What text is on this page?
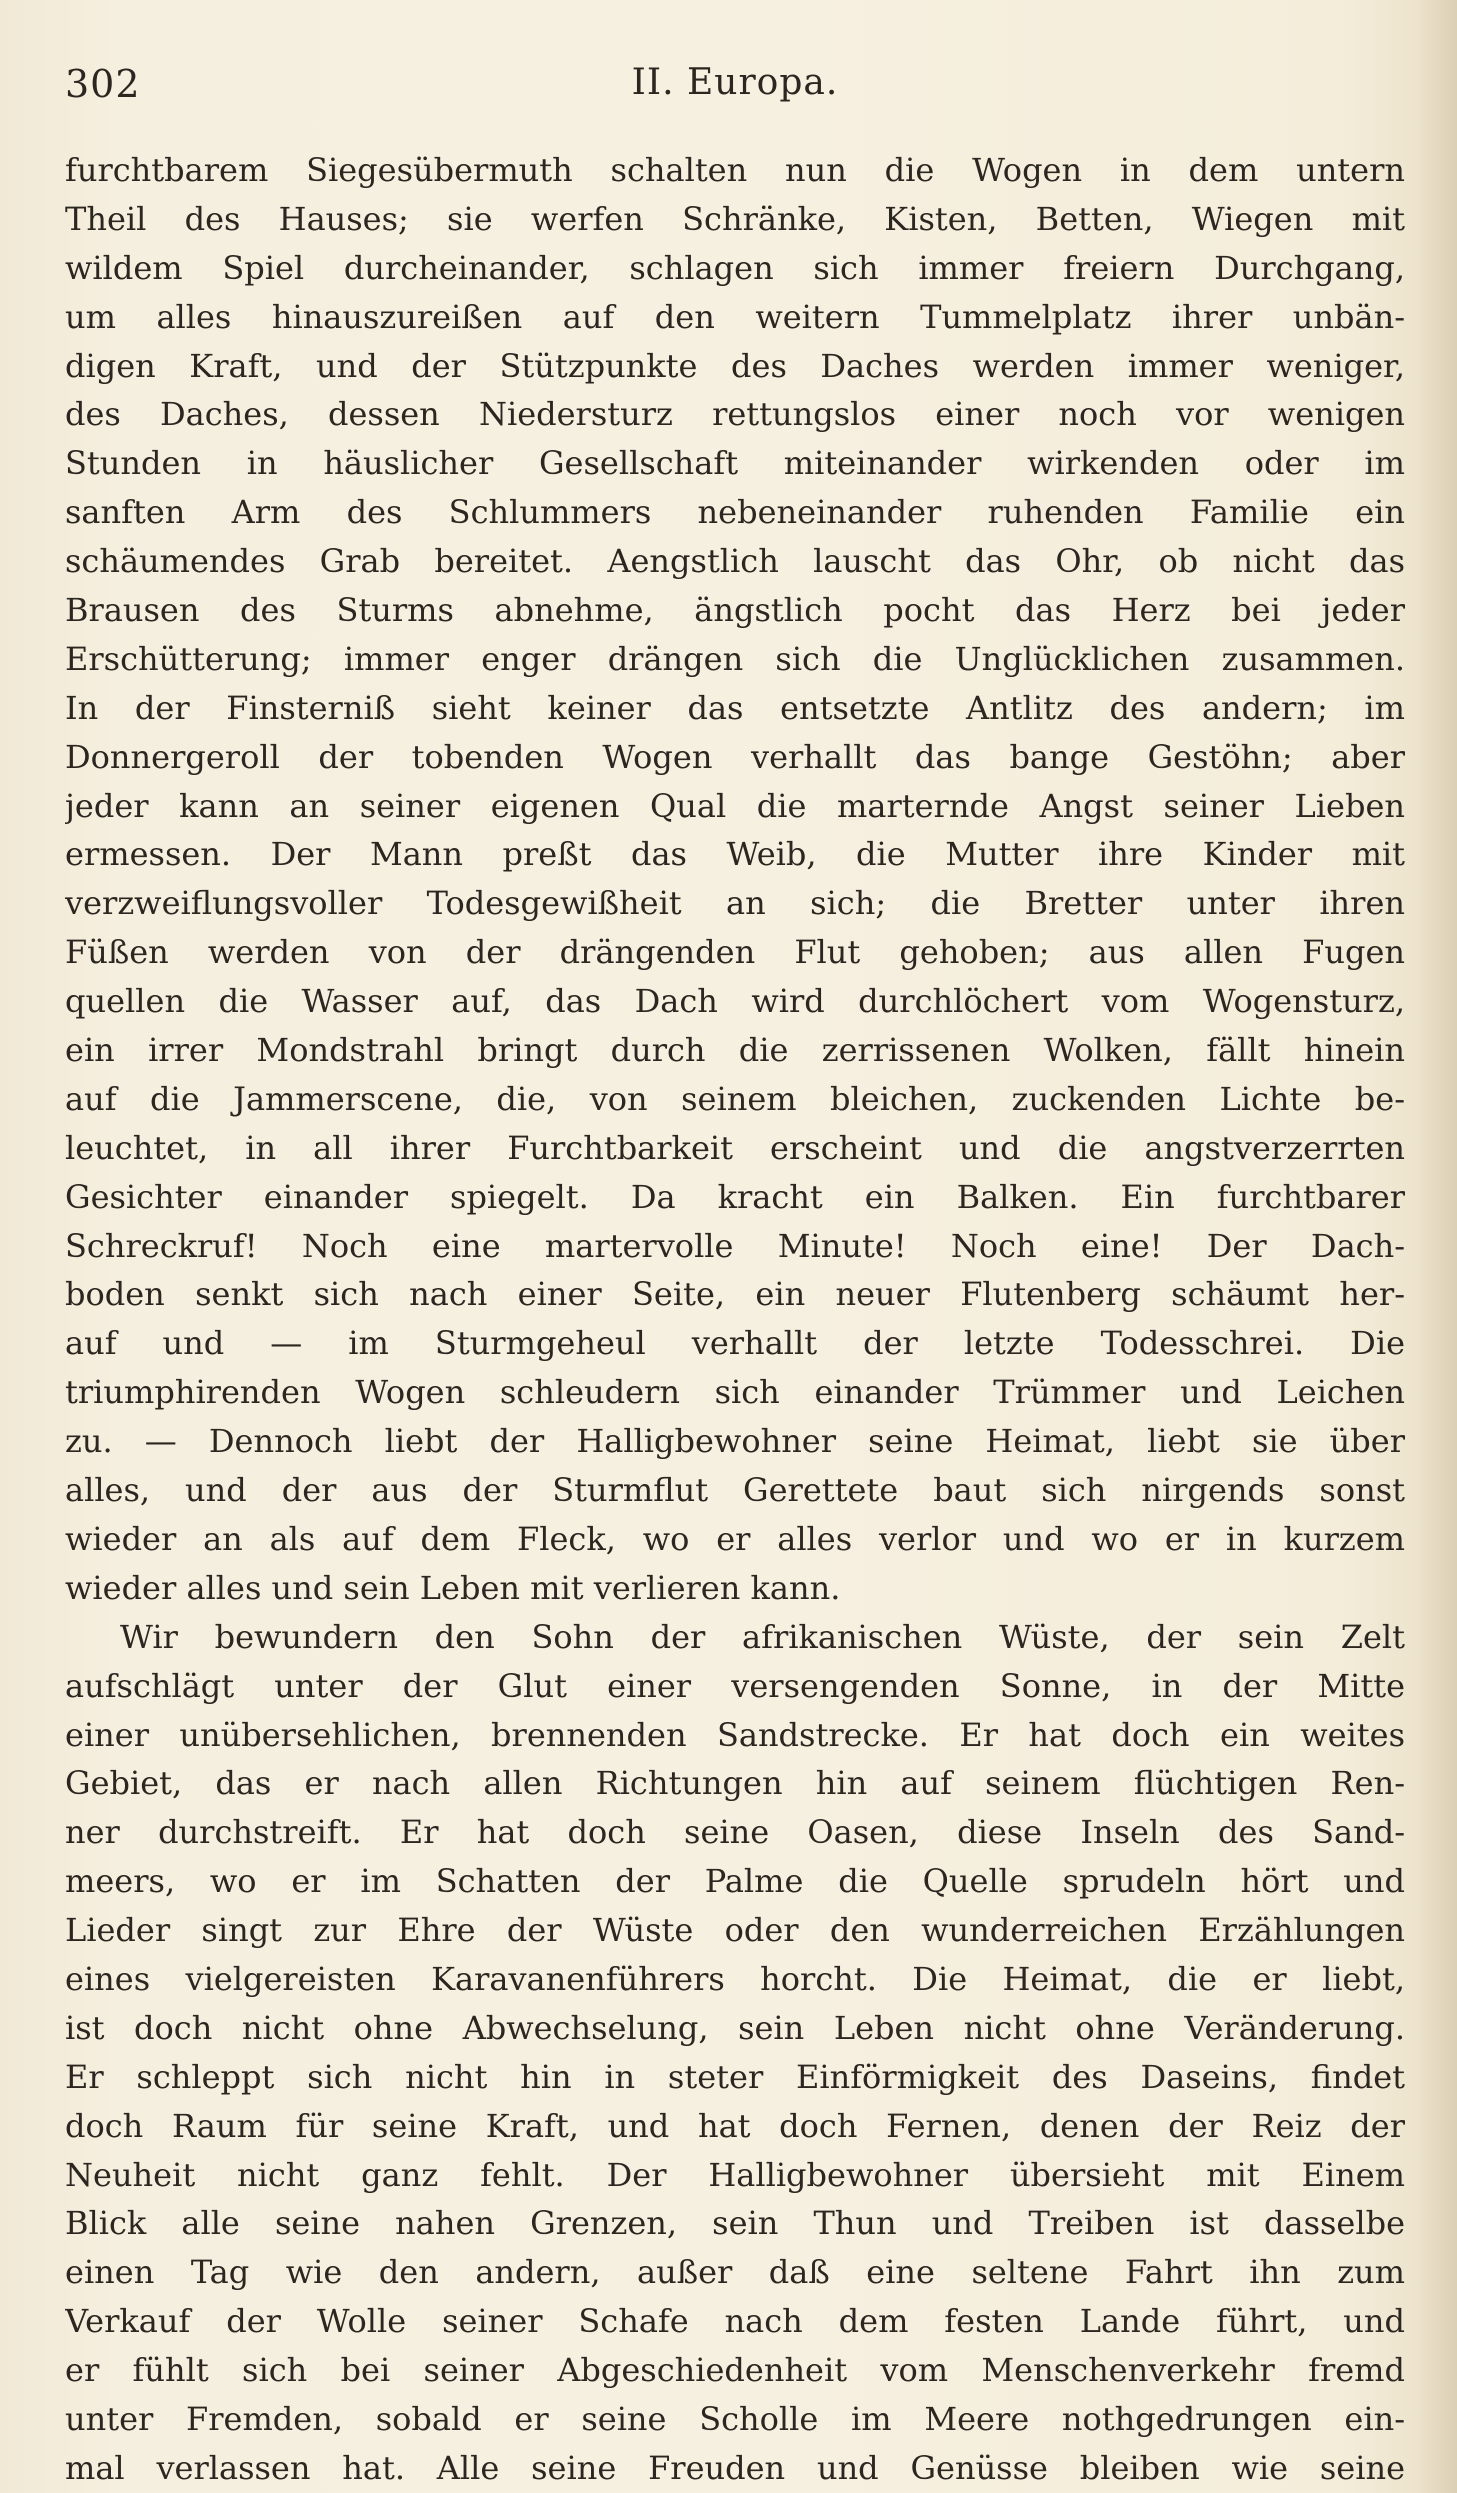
II. Europa.
302
furchtbarem Siegesübermuth schalten nun die Wogen in dem untern
Theil des Hauses; sie werfen Schränke, Kisten, Betten, Wiegen mit
wildem Spiel durcheinander, schlagen sich immer freiern Durchgang,
um alles hinauszureißen auf den weitern Tummelplatz ihrer unbän-
digen Kraft, und der Stützpunkte des Daches werden immer weniger,
des Daches, dessen Niedersturz rettungslos einer noch vor wenigen
Stunden in häuslicher Gesellschaft miteinander wirkenden oder im
sanften Arm des Schlummers nebeneinander ruhenden Familie ein
schäumendes Grab bereitet. Aengstlich lauscht das Ohr, ob nicht das
Brausen des Sturms abnehme, ängstlich pocht das Herz bei jeder
Erschütterung; immer enger drängen sich die Unglücklichen zusammen.
In der Finsterniß sieht keiner das entsetzte Antlitz des andern; im
Donnergeroll der tobenden Wogen verhallt das bange Gestöhn; aber
jeder kann an seiner eigenen Qual die marternde Angst seiner Lieben
ermessen. Der Mann preßt das Weib, die Mutter ihre Kinder mit
verzweiflungsvoller Todesgewißheit an sich; die Bretter unter ihren
Füßen werden von der drängenden Flut gehoben; aus allen Fugen
quellen die Wasser auf, das Dach wird durchlöchert vom Wogensturz,
ein irrer Mondstrahl bringt durch die zerrissenen Wolken, fällt hinein
auf die Jammerscene, die, von seinem bleichen, zuckenden Lichte be-
leuchtet, in all ihrer Furchtbarkeit erscheint und die angstverzerrten
Gesichter einander spiegelt. Da kracht ein Balken. Ein furchtbarer
Schreckruf! Noch eine martervolle Minute! Noch eine! Der Dach-
boden senkt sich nach einer Seite, ein neuer Flutenberg schäumt her-
auf und — im Sturmgeheul verhallt der letzte Todesschrei. Die
triumphirenden Wogen schleudern sich einander Trümmer und Leichen
zu. — Dennoch liebt der Halligbewohner seine Heimat, liebt sie über
alles, und der aus der Sturmflut Gerettete baut sich nirgends sonst
wieder an als auf dem Fleck, wo er alles verlor und wo er in kurzem
wieder alles und sein Leben mit verlieren kann.
Wir bewundern den Sohn der afrikanischen Wüste, der sein Zelt
aufschlägt unter der Glut einer versengenden Sonne, in der Mitte
einer unübersehlichen, brennenden Sandstrecke. Er hat doch ein weites
Gebiet, das er nach allen Richtungen hin auf seinem flüchtigen Ren-
ner durchstreift. Er hat doch seine Oasen, diese Inseln des Sand-
meers, wo er im Schatten der Palme die Quelle sprudeln hört und
Lieder singt zur Ehre der Wüste oder den wunderreichen Erzählungen
eines vielgereisten Karavanenführers horcht. Die Heimat, die er liebt,
ist doch nicht ohne Abwechselung, sein Leben nicht ohne Veränderung.
Er schleppt sich nicht hin in steter Einförmigkeit des Daseins, findet
doch Raum für seine Kraft, und hat doch Fernen, denen der Reiz der
Neuheit nicht ganz fehlt. Der Halligbewohner übersieht mit Einem
Blick alle seine nahen Grenzen, sein Thun und Treiben ist dasselbe
einen Tag wie den andern, außer daß eine seltene Fahrt ihn zum
Verkauf der Wolle seiner Schafe nach dem festen Lande führt, und
er fühlt sich bei seiner Abgeschiedenheit vom Menschenverkehr fremd
unter Fremden, sobald er seine Scholle im Meere nothgedrungen ein-
mal verlassen hat. Alle seine Freuden und Genüsse bleiben wie seine
